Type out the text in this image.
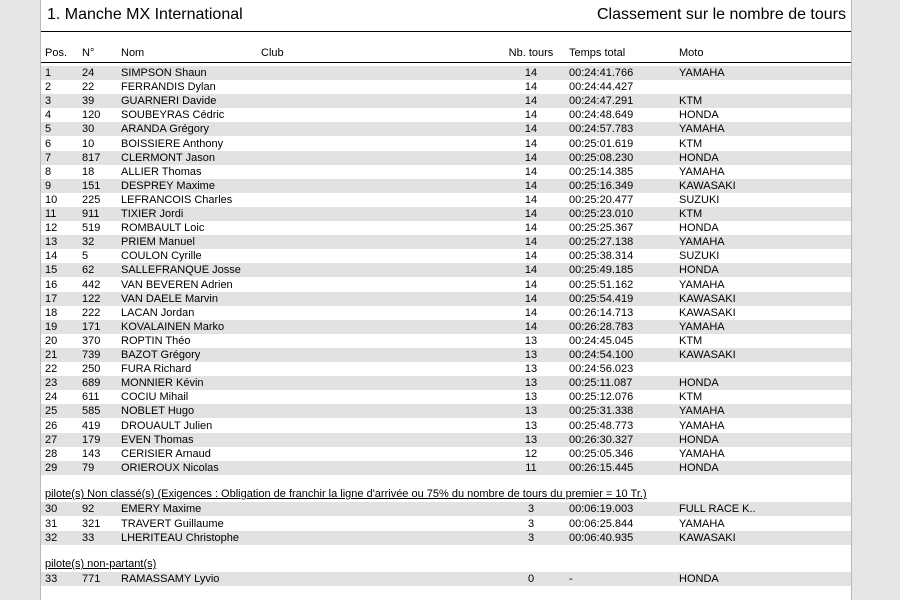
1. Manche MX International	Classement sur le nombre de tours
Pos. N° Nom	Club	Nb. tours	Temps total	Moto
1	24 SIMPSON Shaun	14	00:24:41.766	YAMAHA
2	22 FERRANDIS Dylan	14	00:24:44.427
3	39 GUARNERI Davide	14	00:24:47.291	KTM
4	120 SOUBEYRAS Cédric	14	00:24:48.649	HONDA
5	30 ARANDA Grégory	14	00:24:57.783	YAMAHA
6	10 BOISSIERE Anthony	14	00:25:01.619	KTM
7	817 CLERMONT Jason	14	00:25:08.230	HONDA
8	18 ALLIER Thomas	14	00:25:14.385	YAMAHA
9	151 DESPREY Maxime	14	00:25:16.349	KAWASAKI
10 225 LEFRANCOIS Charles	14	00:25:20.477	SUZUKI
11 911 TIXIER Jordi	14	00:25:23.010	KTM
12 519 ROMBAULT Loic	14	00:25:25.367	HONDA
13 32 PRIEM Manuel	14	00:25:27.138	YAMAHA
14 5	COULON Cyrille	14	00:25:38.314	SUZUKI
15 62 SALLEFRANQUE Josse	14	00:25:49.185	HONDA
16 442 VAN BEVEREN Adrien	14	00:25:51.162	YAMAHA
17 122 VAN DAELE Marvin	14	00:25:54.419	KAWASAKI
18 222 LACAN Jordan	14	00:26:14.713	KAWASAKI
19 171 KOVALAINEN Marko	14	00:26:28.783	YAMAHA
20 370 ROPTIN Théo	13	00:24:45.045	KTM
21 739 BAZOT Grégory	13	00:24:54.100	KAWASAKI
22 250 FURA Richard	13	00:24:56.023
23 689 MONNIER Kévin	13	00:25:11.087	HONDA
24 611 COCIU Mihail	13	00:25:12.076	KTM
25 585 NOBLET Hugo	13	00:25:31.338	YAMAHA
26 419 DROUAULT Julien	13	00:25:48.773	YAMAHA
27 179 EVEN Thomas	13	00:26:30.327	HONDA
28 143 CERISIER Arnaud	12	00:25:05.346	YAMAHA
29 79 ORIEROUX Nicolas	11	00:26:15.445	HONDA
pilote(s) Non classé(s) (Exigences : Obligation de franchir la ligne d'arrivée ou 75% du nombre de tours du premier = 10 Tr.)
30 92 EMERY Maxime	3	00:06:19.003	FULL RACE K..
31 321 TRAVERT Guillaume	3	00:06:25.844	YAMAHA
32 33 LHERITEAU Christophe	3	00:06:40.935	KAWASAKI
pilote(s) non-partant(s)
33 771 RAMASSAMY Lyvio	0	-	HONDA
